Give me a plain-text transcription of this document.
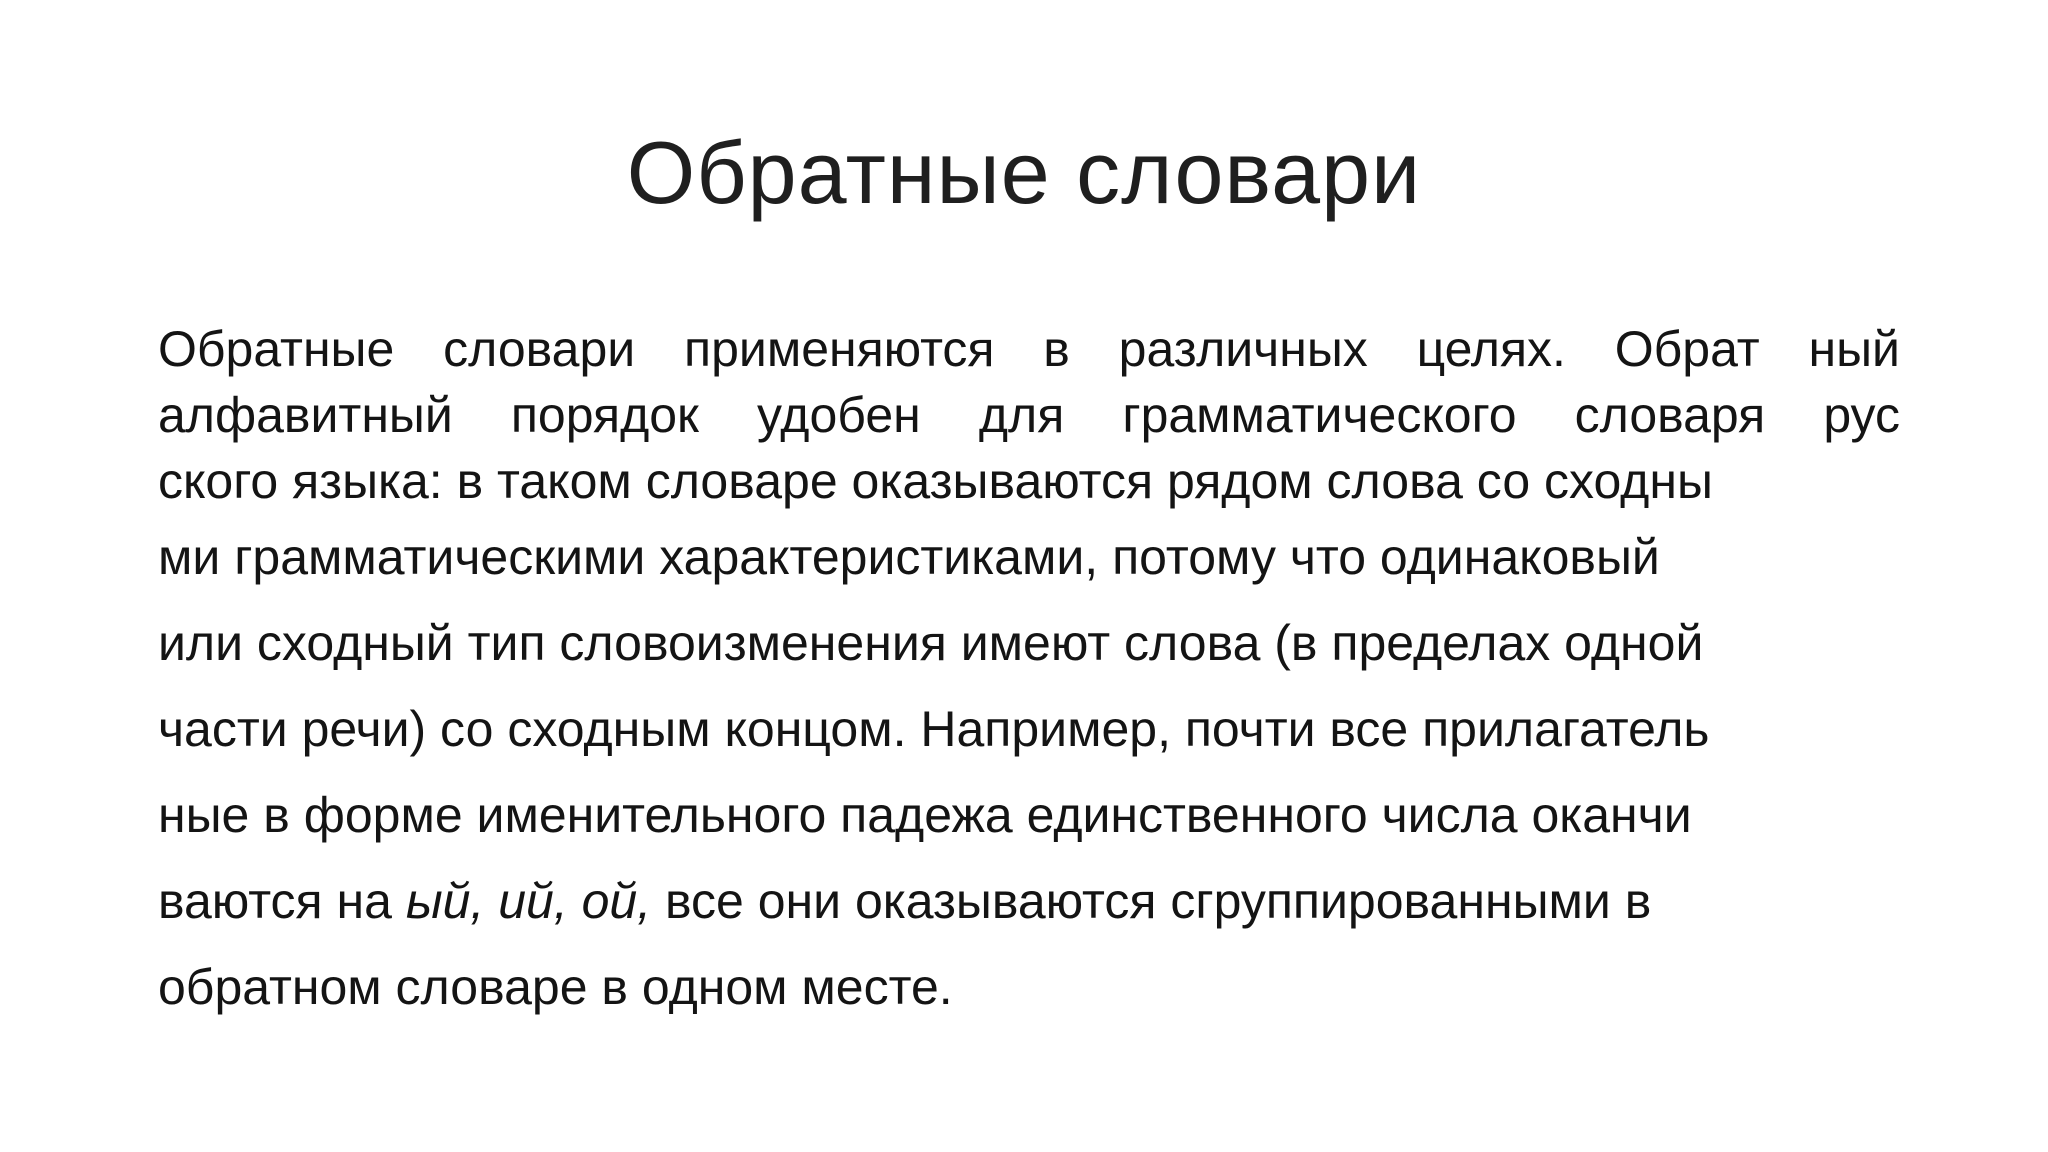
Обратные словари
Обратные словари применяются в различных целях. Обрат ный
алфавитный порядок удобен для грамматического словаря рус
ского языка: в таком словаре оказываются рядом слова со сходны
ми грамматическими характеристиками, потому что одинаковый
или сходный тип словоизменения имеют слова (в пределах одной
части речи) со сходным концом. Например, почти все прилагатель
ные в форме именительного падежа единственного числа оканчи
ваются на ый, ий, ой, все они оказываются сгруппированными в
обратном словаре в одном месте.
